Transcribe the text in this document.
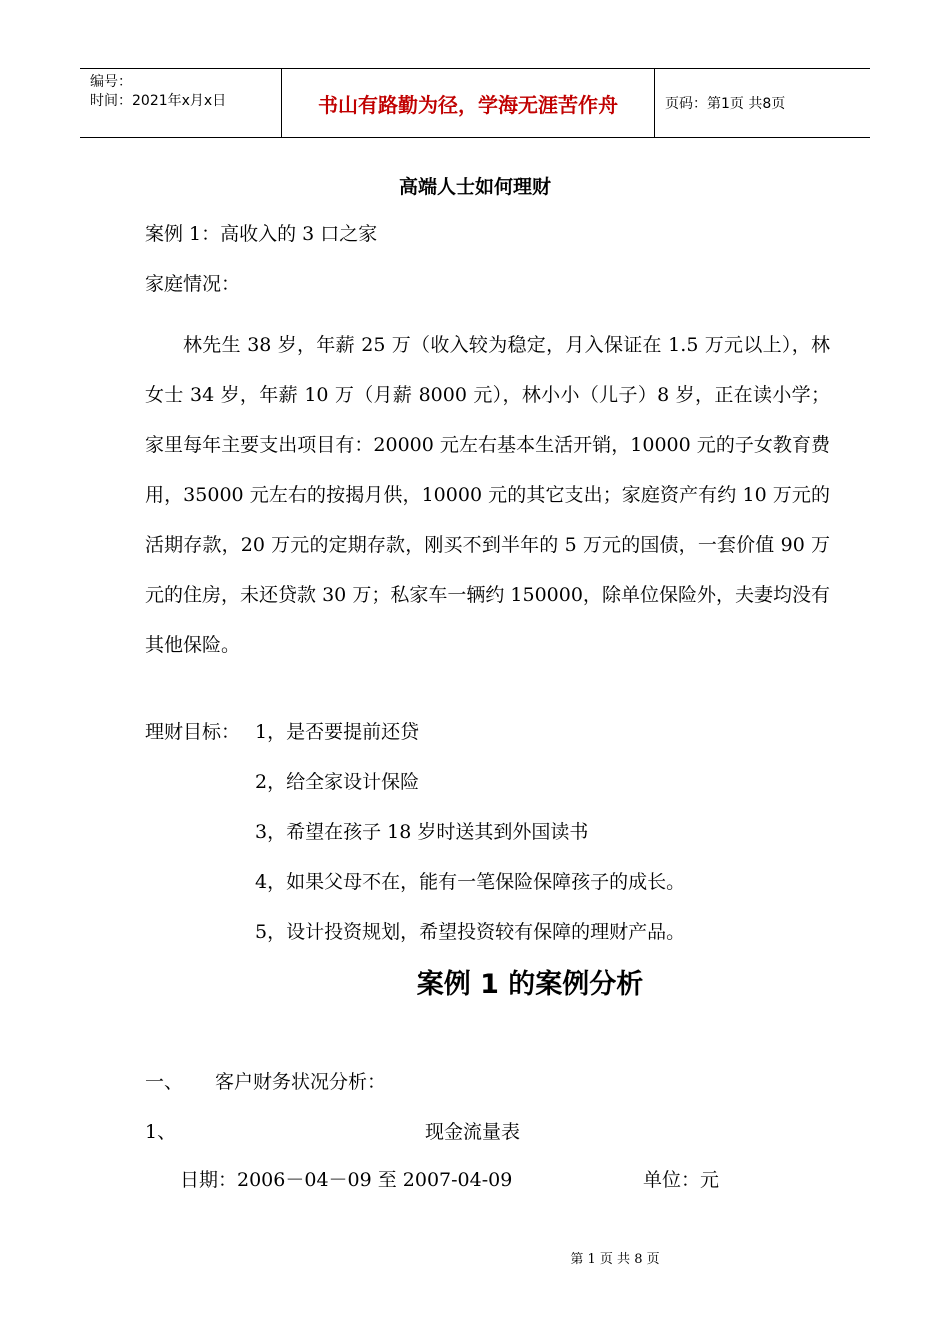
编号：
时间：2021年x月x日	书山有路勤为径，学海无涯苦作舟	页码：第1页 共8页
高端人士如何理财
案例 1：高收入的 3 口之家
家庭情况：

林先生 38 岁，年薪 25 万（收入较为稳定，月入保证在 1.5 万元以上），林女士 34 岁，年薪 10 万（月薪 8000 元），林小小（儿子）8 岁，正在读小学；家里每年主要支出项目有：20000 元左右基本生活开销，10000 元的子女教育费用，35000 元左右的按揭月供，10000 元的其它支出；家庭资产有约 10 万元的活期存款，20 万元的定期存款，刚买不到半年的 5 万元的国债，一套价值 90 万元的住房，未还贷款 30 万；私家车一辆约 150000，除单位保险外，夫妻均没有其他保险。

理财目标： 1，是否要提前还贷
2，给全家设计保险
3，希望在孩子 18 岁时送其到外国读书
4，如果父母不在，能有一笔保险保障孩子的成长。
5，设计投资规划，希望投资较有保障的理财产品。
案例 1 的案例分析
一、 客户财务状况分析：
1、	现金流量表
日期：2006－04－09 至 2007-04-09	单位：元
第 1 页 共 8 页
